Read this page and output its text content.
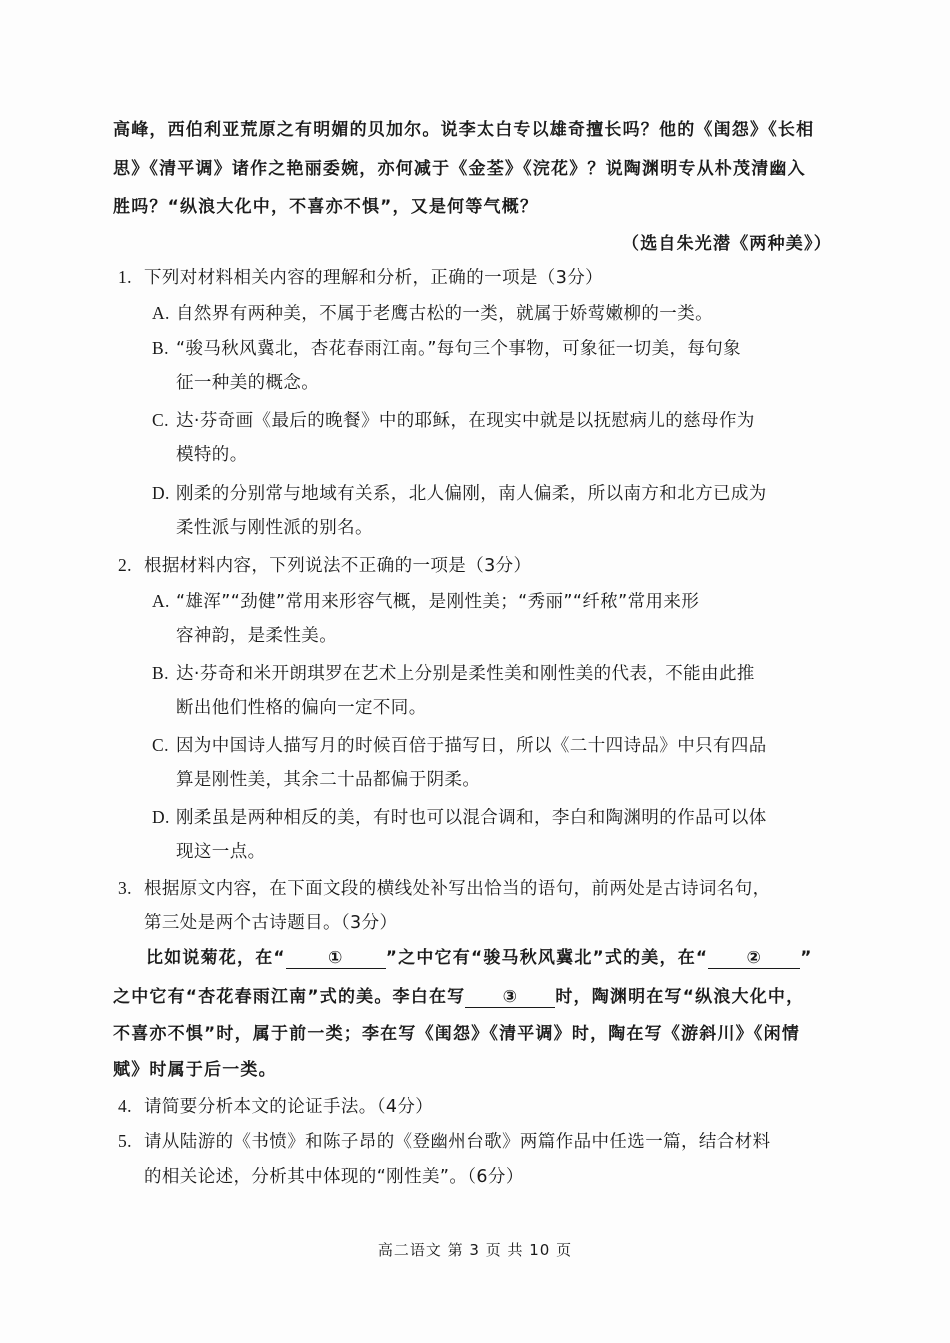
高峰，西伯利亚荒原之有明媚的贝加尔。说李太白专以雄奇擅长吗？他的《闺怨》《长相
思》《清平调》诸作之艳丽委婉，亦何减于《金荃》《浣花》？说陶渊明专从朴茂清幽入
胜吗？“纵浪大化中，不喜亦不惧”，又是何等气概？
（选自朱光潜《两种美》）
1. 下列对材料相关内容的理解和分析，正确的一项是（3分）
A. 自然界有两种美，不属于老鹰古松的一类，就属于娇莺嫩柳的一类。
B. “骏马秋风冀北，杏花春雨江南。”每句三个事物，可象征一切美，每句象
征一种美的概念。
C. 达·芬奇画《最后的晚餐》中的耶稣，在现实中就是以抚慰病儿的慈母作为
模特的。
D. 刚柔的分别常与地域有关系，北人偏刚，南人偏柔，所以南方和北方已成为
柔性派与刚性派的别名。
2. 根据材料内容，下列说法不正确的一项是（3分）
A. “雄浑”“劲健”常用来形容气概，是刚性美；“秀丽”“纤秾”常用来形
容神韵，是柔性美。
B. 达·芬奇和米开朗琪罗在艺术上分别是柔性美和刚性美的代表，不能由此推
断出他们性格的偏向一定不同。
C. 因为中国诗人描写月的时候百倍于描写日，所以《二十四诗品》中只有四品
算是刚性美，其余二十品都偏于阴柔。
D. 刚柔虽是两种相反的美，有时也可以混合调和，李白和陶渊明的作品可以体
现这一点。
3. 根据原文内容，在下面文段的横线处补写出恰当的语句，前两处是古诗词名句，
第三处是两个古诗题目。（3分）
比如说菊花，在“ ① ”之中它有“骏马秋风冀北”式的美，在“ ② ”
之中它有“杏花春雨江南”式的美。李白在写 ③ 时，陶渊明在写“纵浪大化中，
不喜亦不惧”时，属于前一类；李在写《闺怨》《清平调》时，陶在写《游斜川》《闲情
赋》时属于后一类。
4. 请简要分析本文的论证手法。（4分）
5. 请从陆游的《书愤》和陈子昂的《登幽州台歌》两篇作品中任选一篇，结合材料
的相关论述，分析其中体现的“刚性美”。（6分）
高二语文 第 3 页 共 10 页
